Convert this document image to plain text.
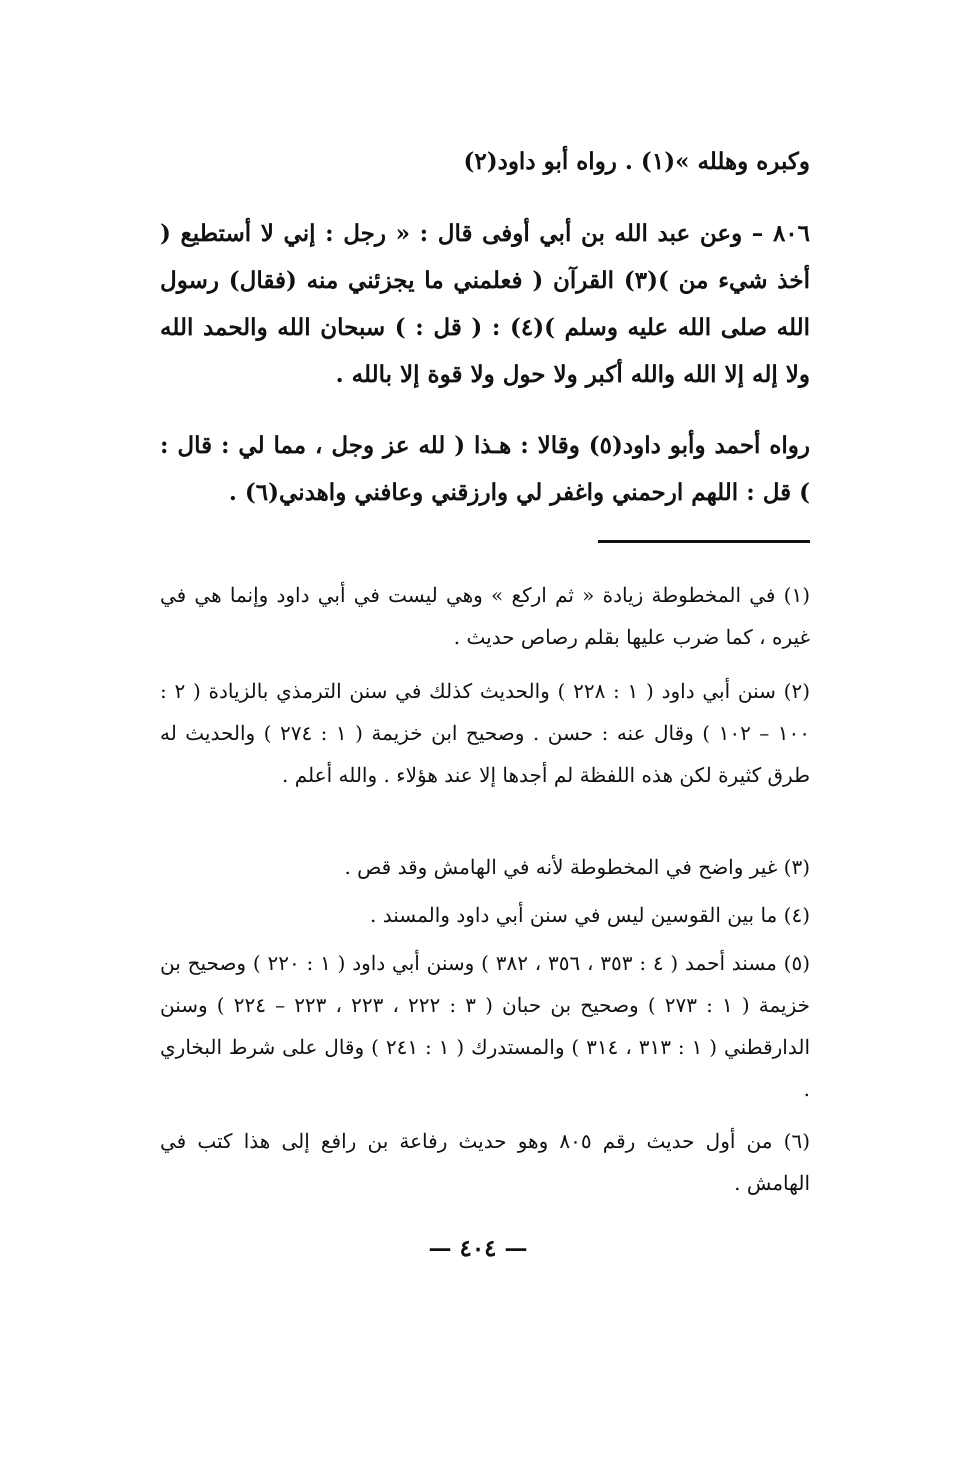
وكبره وهلله »(١) . رواه أبو داود(٢)
٨٠٦ – وعن عبد الله بن أبي أوفى قال : « رجل : إني لا أستطيع ( أخذ شيء من )(٣) القرآن ( فعلمني ما يجزئني منه (فقال) رسول الله صلى الله عليه وسلم )(٤) : ( قل : ) سبحان الله والحمد الله ولا إله إلا الله والله أكبر ولا حول ولا قوة إلا بالله .
رواه أحمد وأبو داود(٥) وقالا : هـذا ( لله عز وجل ، مما لي : قال : ) قل : اللهم ارحمني واغفر لي وارزقني وعافني واهدني(٦) .
(١) في المخطوطة زيادة « ثم اركع » وهي ليست في أبي داود وإنما هي في غيره ، كما ضرب عليها بقلم رصاص حديث .
(٢) سنن أبي داود ( ١ : ٢٢٨ ) والحديث كذلك في سنن الترمذي بالزيادة ( ٢ : ١٠٠ – ١٠٢ ) وقال عنه : حسن . وصحيح ابن خزيمة ( ١ : ٢٧٤ ) والحديث له طرق كثيرة لكن هذه اللفظة لم أجدها إلا عند هؤلاء . والله أعلم .
(٣) غير واضح في المخطوطة لأنه في الهامش وقد قص .
(٤) ما بين القوسين ليس في سنن أبي داود والمسند .
(٥) مسند أحمد ( ٤ : ٣٥٣ ، ٣٥٦ ، ٣٨٢ ) وسنن أبي داود ( ١ : ٢٢٠ ) وصحيح بن خزيمة ( ١ : ٢٧٣ ) وصحيح بن حبان ( ٣ : ٢٢٢ ، ٢٢٣ ، ٢٢٣ – ٢٢٤ ) وسنن الدارقطني ( ١ : ٣١٣ ، ٣١٤ ) والمستدرك ( ١ : ٢٤١ ) وقال على شرط البخاري .
(٦) من أول حديث رقم ٨٠٥ وهو حديث رفاعة بن رافع إلى هذا كتب في الهامش .
— ٤٠٤ —
